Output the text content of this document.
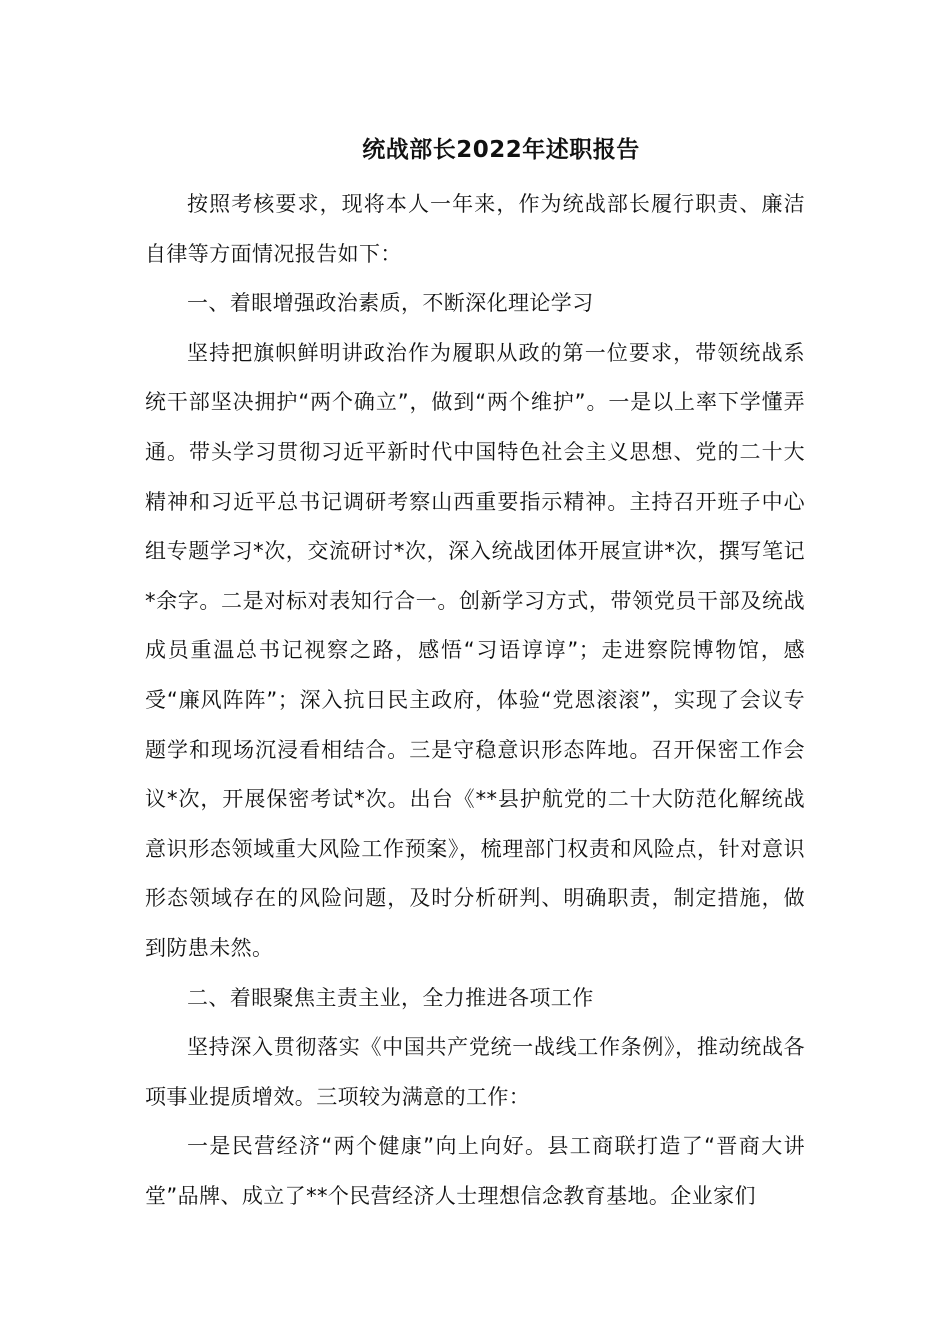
统战部长2022年述职报告

按照考核要求，现将本人一年来，作为统战部长履行职责、廉洁自律等方面情况报告如下：

一、着眼增强政治素质，不断深化理论学习

坚持把旗帜鲜明讲政治作为履职从政的第一位要求，带领统战系统干部坚决拥护“两个确立”，做到“两个维护”。一是以上率下学懂弄通。带头学习贯彻习近平新时代中国特色社会主义思想、党的二十大精神和习近平总书记调研考察山西重要指示精神。主持召开班子中心组专题学习*次，交流研讨*次，深入统战团体开展宣讲*次，撰写笔记*余字。二是对标对表知行合一。创新学习方式，带领党员干部及统战成员重温总书记视察之路，感悟“习语谆谆”；走进察院博物馆，感受“廉风阵阵”；深入抗日民主政府，体验“党恩滚滚”，实现了会议专题学和现场沉浸看相结合。三是守稳意识形态阵地。召开保密工作会议*次，开展保密考试*次。出台《**县护航党的二十大防范化解统战意识形态领域重大风险工作预案》，梳理部门权责和风险点，针对意识形态领域存在的风险问题，及时分析研判、明确职责，制定措施，做到防患未然。

二、着眼聚焦主责主业，全力推进各项工作

坚持深入贯彻落实《中国共产党统一战线工作条例》，推动统战各项事业提质增效。三项较为满意的工作：

一是民营经济“两个健康”向上向好。县工商联打造了“晋商大讲堂”品牌、成立了**个民营经济人士理想信念教育基地。企业家们
